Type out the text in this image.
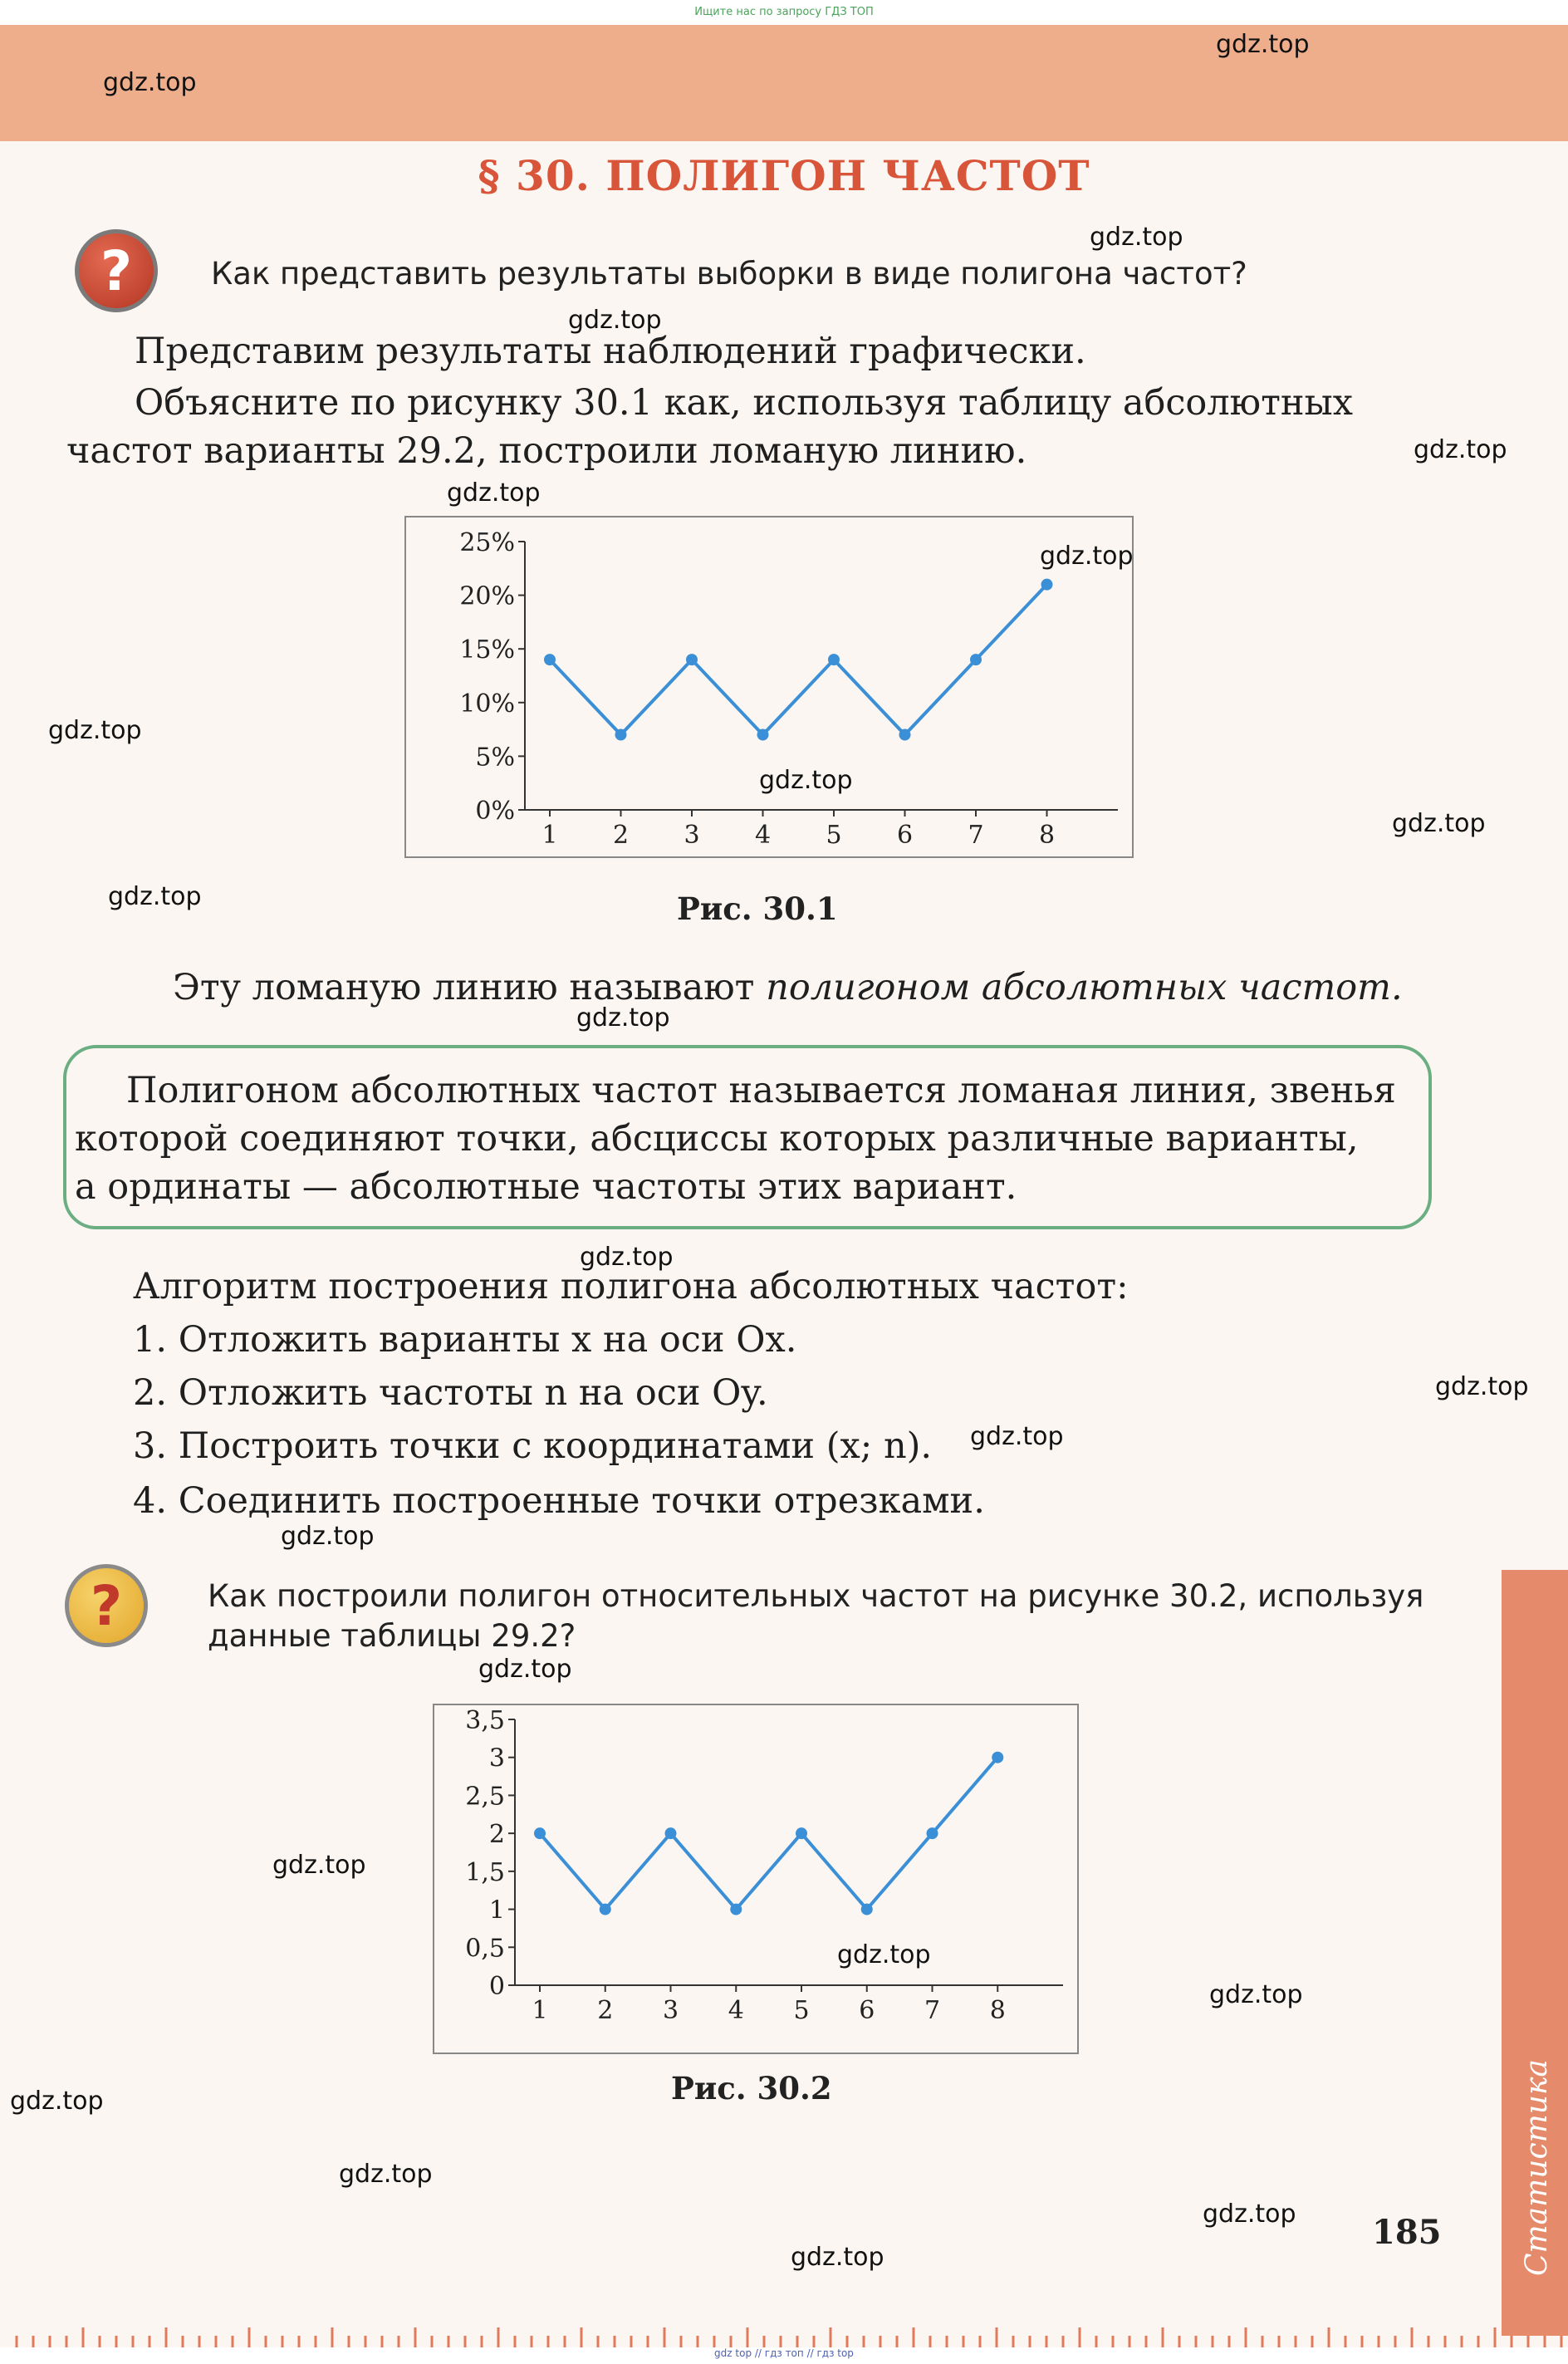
Ищите нас по запросу ГДЗ ТОП
§ 30. ПОЛИГОН ЧАСТОТ
?	Как представить результаты выборки в виде полигона частот?
Представим результаты наблюдений графически.
Объясните по рисунку 30.1 как, используя таблицу абсолютных
частот варианты 29.2, построили ломаную линию.
0%
5%
10%
15%
20%
25%
1 2 3 4 5 6 7 8
Рис. 30.1
Эту ломаную линию называют полигоном абсолютных частот.
Полигоном абсолютных частот называется ломаная линия, звенья
которой соединяют точки, абсциссы которых различные варианты,
а ординаты — абсолютные частоты этих вариант.
Алгоритм построения полигона абсолютных частот:
1. Отложить варианты x на оси Ox.
2. Отложить частоты n на оси Oy.
3. Построить точки с координатами (x; n).
4. Соединить построенные точки отрезками.
?	Как построили полигон относительных частот на рисунке 30.2, используя
данные таблицы 29.2?
0
0,5
1
1,5
2
2,5
3
3,5
1 2 3 4 5 6 7 8
Рис. 30.2	Статистика
185
gdz top // гдз топ // гдз top
gdz.top
gdz.top
gdz.top
gdz.top
gdz.top
gdz.top
gdz.top
gdz.top
gdz.top
gdz.top
gdz.top
gdz.top
gdz.top
gdz.top
gdz.top
gdz.top
gdz.top
gdz.top
gdz.top
gdz.top
gdz.top
gdz.top
gdz.top
gdz.top
